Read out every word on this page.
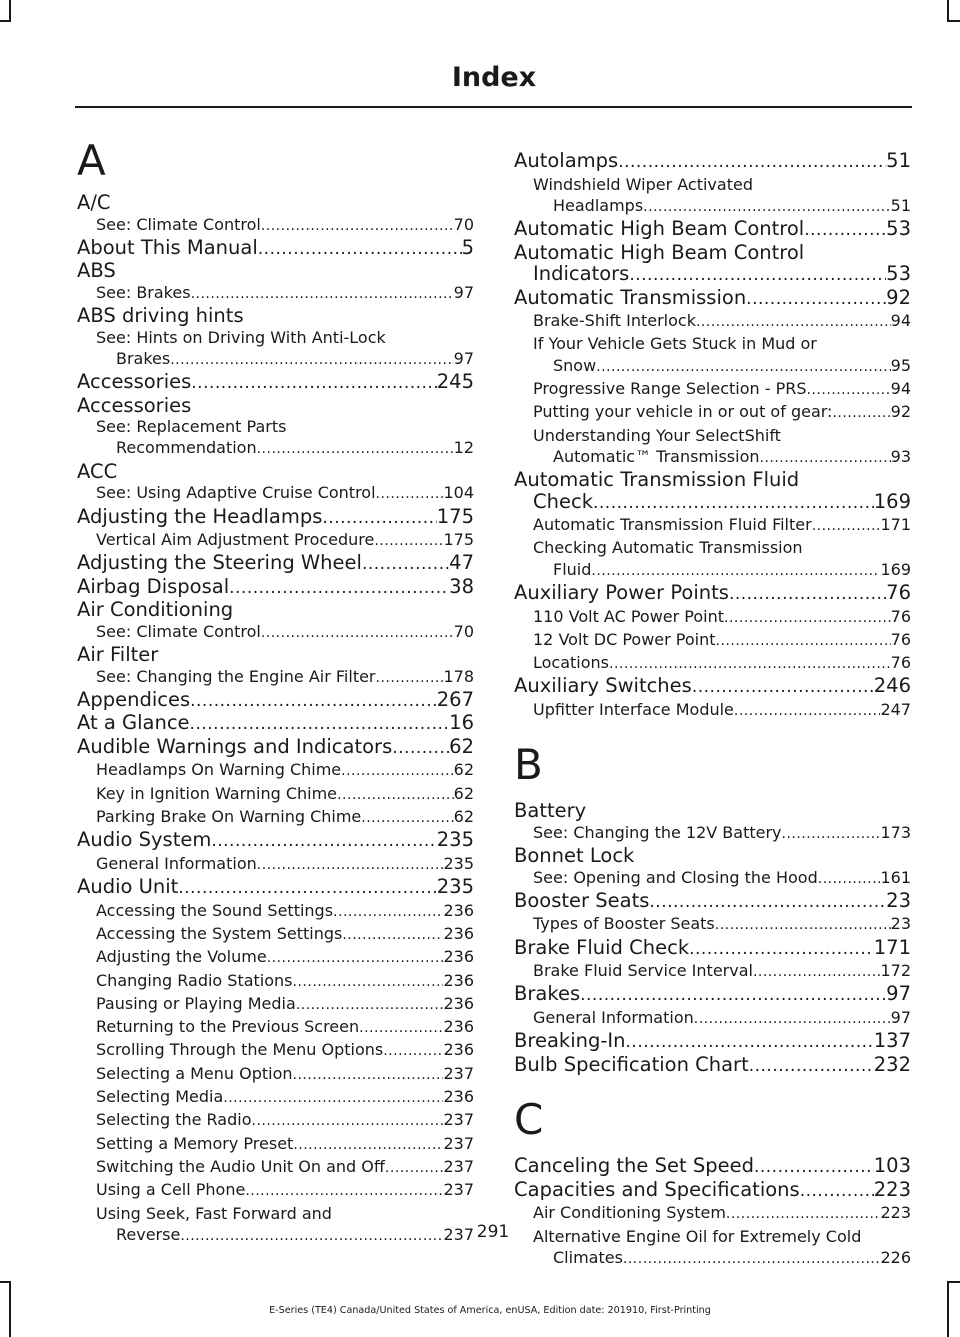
Index
A
A/C
See: Climate Control .....	70
About This Manual .....	5
ABS
See: Brakes .....	97
ABS driving hints
See: Hints on Driving With Anti-Lock
Brakes .....	97
Accessories .....	245
Accessories
See: Replacement Parts
Recommendation .....	12
ACC
See: Using Adaptive Cruise Control .....	104
Adjusting the Headlamps .....	175
Vertical Aim Adjustment Procedure .....	175
Adjusting the Steering Wheel .....	47
Airbag Disposal .....	38
Air Conditioning
See: Climate Control .....	70
Air Filter
See: Changing the Engine Air Filter .....	178
Appendices .....	267
At a Glance .....	16
Audible Warnings and Indicators .....	62
Headlamps On Warning Chime .....	62
Key in Ignition Warning Chime .....	62
Parking Brake On Warning Chime .....	62
Audio System .....	235
General Information .....	235
Audio Unit .....	235
Accessing the Sound Settings .....	236
Accessing the System Settings .....	236
Adjusting the Volume .....	236
Changing Radio Stations .....	236
Pausing or Playing Media .....	236
Returning to the Previous Screen .....	236
Scrolling Through the Menu Options .....	236
Selecting a Menu Option .....	237
Selecting Media .....	236
Selecting the Radio .....	237
Setting a Memory Preset .....	237
Switching the Audio Unit On and Off .....	237
Using a Cell Phone .....	237
Using Seek, Fast Forward and
Reverse .....	237
Autolamps .....	51
Windshield Wiper Activated
Headlamps .....	51
Automatic High Beam Control .....	53
Automatic High Beam Control
Indicators .....	53
Automatic Transmission .....	92
Brake-Shift Interlock .....	94
If Your Vehicle Gets Stuck in Mud or
Snow .....	95
Progressive Range Selection - PRS .....	94
Putting your vehicle in or out of gear: .....	92
Understanding Your SelectShift
Automatic™ Transmission .....	93
Automatic Transmission Fluid
Check .....	169
Automatic Transmission Fluid Filter .....	171
Checking Automatic Transmission
Fluid .....	169
Auxiliary Power Points .....	76
110 Volt AC Power Point .....	76
12 Volt DC Power Point .....	76
Locations .....	76
Auxiliary Switches .....	246
Upfitter Interface Module .....	247
B
Battery
See: Changing the 12V Battery .....	173
Bonnet Lock
See: Opening and Closing the Hood .....	161
Booster Seats .....	23
Types of Booster Seats .....	23
Brake Fluid Check .....	171
Brake Fluid Service Interval .....	172
Brakes .....	97
General Information .....	97
Breaking-In .....	137
Bulb Specification Chart .....	232
C
Canceling the Set Speed .....	103
Capacities and Specifications .....	223
Air Conditioning System .....	223
Alternative Engine Oil for Extremely Cold
Climates .....	226
291
E-Series (TE4) Canada/United States of America, enUSA, Edition date: 201910, First-Printing
